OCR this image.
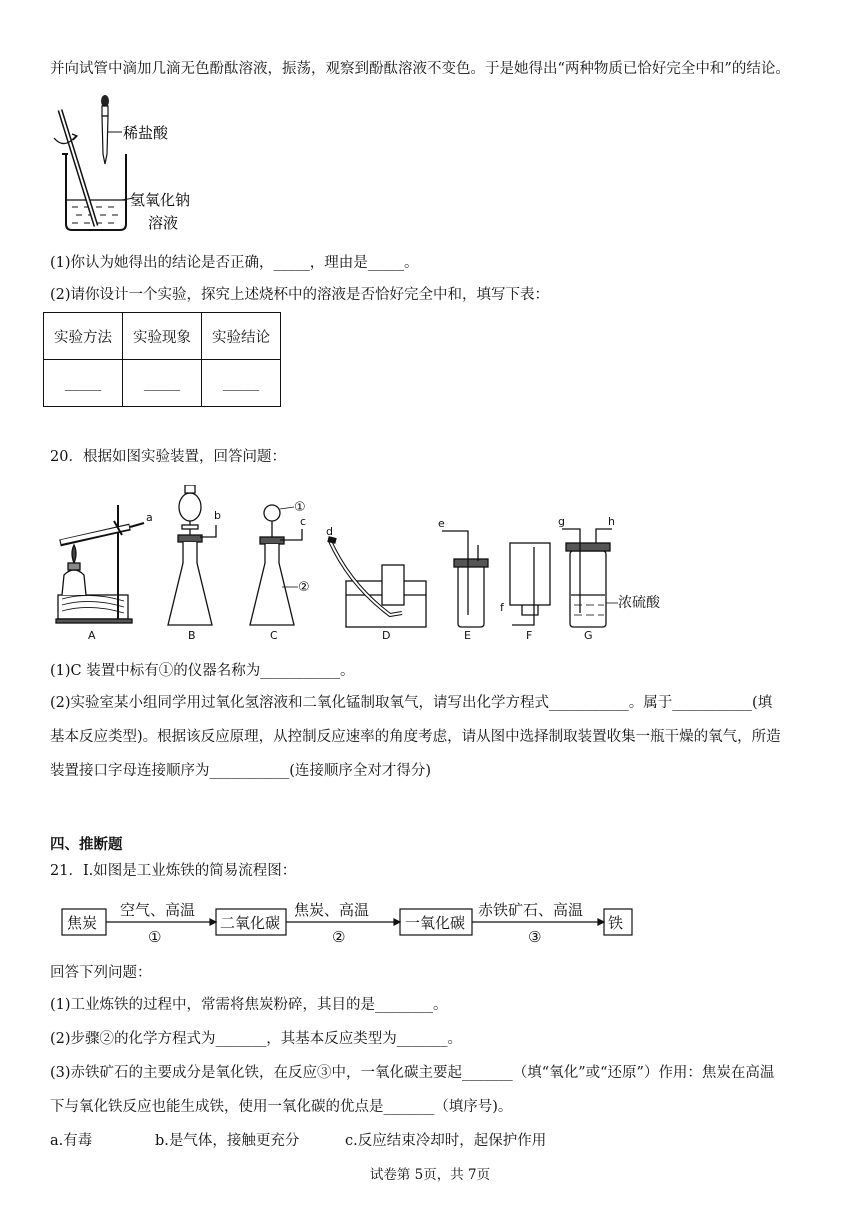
并向试管中滴加几滴无色酚酞溶液，振荡，观察到酚酞溶液不变色。于是她得出“两种物质已恰好完全中和”的结论。
稀盐酸
氢氧化钠
溶液
(1)你认为她得出的结论是否正确，_____，理由是_____。
(2)请你设计一个实验，探究上述烧杯中的溶液是否恰好完全中和，填写下表：
实验方法	实验现象	实验结论
_____	_____	_____
20．根据如图实验装置，回答问题：
A	B	C	D	E	F	G
a	b	c
d
e
f
g	h
①
②
浓硫酸
(1)C 装置中标有①的仪器名称为___________。
(2)实验室某小组同学用过氧化氢溶液和二氧化锰制取氧气，请写出化学方程式___________。属于___________(填
基本反应类型)。根据该反应原理，从控制反应速率的角度考虑，请从图中选择制取装置收集一瓶干燥的氧气，所造
装置接口字母连接顺序为___________(连接顺序全对才得分)
四、推断题
21．I.如图是工业炼铁的简易流程图：
焦炭	二氧化碳	一氧化碳	铁
空气、高温	焦炭、高温	赤铁矿石、高温
①	②	③
回答下列问题：
(1)工业炼铁的过程中，常需将焦炭粉碎，其目的是________。
(2)步骤②的化学方程式为_______，其基本反应类型为_______。
(3)赤铁矿石的主要成分是氧化铁，在反应③中，一氧化碳主要起_______（填“氧化”或“还原”）作用：焦炭在高温
下与氧化铁反应也能生成铁，使用一氧化碳的优点是_______（填序号)。
a.有毒	b.是气体，接触更充分	c.反应结束冷却时，起保护作用
试卷第 5页，共 7页
